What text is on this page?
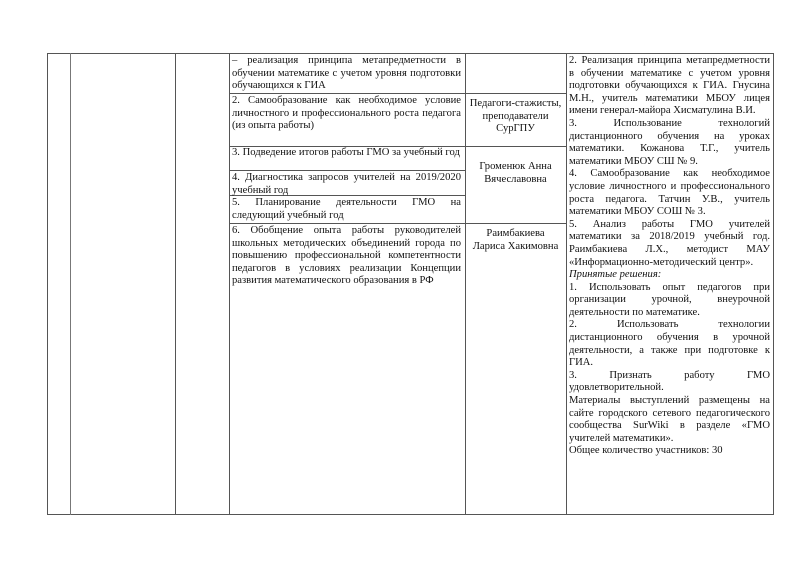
– реализация принципа метапредметности в обучении математике с учетом уровня подготовки обучающихся к ГИА

2. Самообразование как необходимое условие личностного и профессионального роста педагога (из опыта работы)

3. Подведение итогов работы ГМО за учебный год

4. Диагностика запросов учителей на 2019/2020 учебный год

5. Планирование деятельности ГМО на следующий учебный год

6. Обобщение опыта работы руководителей школьных методических объединений города по повышению профессиональной компетентности педагогов в условиях реализации Концепции развития математического образования в РФ

Педагоги-стажисты, преподаватели СурГПУ

Громенюк Анна Вячеславовна

Раимбакиева Лариса Хакимовна

2. Реализация принципа метапредметности в обучении математике с учетом уровня подготовки обучающихся к ГИА. Гнусина М.Н., учитель математики МБОУ лицея имени генерал-майора Хисматулина В.И.

3. Использование технологий дистанционного обучения на уроках математики. Кожанова Т.Г., учитель математики МБОУ СШ № 9.

4. Самообразование как необходимое условие личностного и профессионального роста педагога. Татчин У.В., учитель математики МБОУ СОШ № 3.

5. Анализ работы ГМО учителей математики за 2018/2019 учебный год. Раимбакиева Л.Х., методист МАУ «Информационно-методический центр».

Принятые решения:

1. Использовать опыт педагогов при организации урочной, внеурочной деятельности по математике.

2. Использовать технологии дистанционного обучения в урочной деятельности, а также при подготовке к ГИА.

3. Признать работу ГМО удовлетворительной.

Материалы выступлений размещены на сайте городского сетевого педагогического сообщества SurWiki в разделе «ГМО учителей математики».

Общее количество участников: 30
